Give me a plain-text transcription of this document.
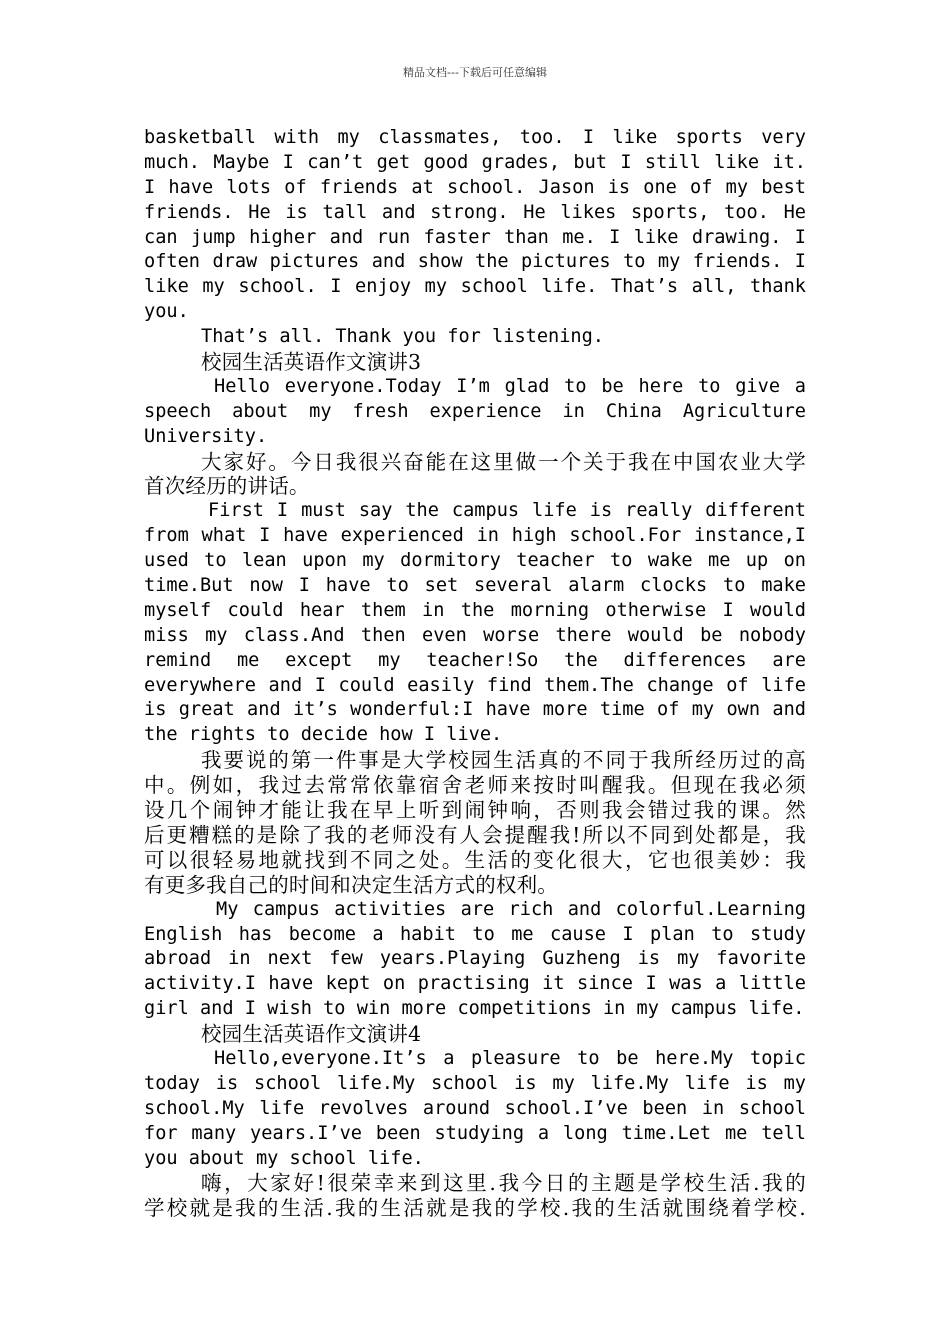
精品文档---下载后可任意编辑
basketball with my classmates, too. I like sports very
much. Maybe I can’t get good grades, but I still like it.
I have lots of friends at school. Jason is one of my best
friends. He is tall and strong. He likes sports, too. He
can jump higher and run faster than me. I like drawing. I
often draw pictures and show the pictures to my friends. I
like my school. I enjoy my school life. That’s all, thank
you.
That’s all. Thank you for listening.
校园生活英语作文演讲3
Hello everyone.Today I’m glad to be here to give a
speech about my fresh experience in China Agriculture
University.
大家好。今日我很兴奋能在这里做一个关于我在中国农业大学
首次经历的讲话。
First I must say the campus life is really different
from what I have experienced in high school.For instance,I
used to lean upon my dormitory teacher to wake me up on
time.But now I have to set several alarm clocks to make
myself could hear them in the morning otherwise I would
miss my class.And then even worse there would be nobody
remind me except my teacher!So the differences are
everywhere and I could easily find them.The change of life
is great and it’s wonderful:I have more time of my own and
the rights to decide how I live.
我要说的第一件事是大学校园生活真的不同于我所经历过的高
中。例如，我过去常常依靠宿舍老师来按时叫醒我。但现在我必须
设几个闹钟才能让我在早上听到闹钟响，否则我会错过我的课。然
后更糟糕的是除了我的老师没有人会提醒我!所以不同到处都是，我
可以很轻易地就找到不同之处。生活的变化很大，它也很美妙：我
有更多我自己的时间和决定生活方式的权利。
My campus activities are rich and colorful.Learning
English has become a habit to me cause I plan to study
abroad in next few years.Playing Guzheng is my favorite
activity.I have kept on practising it since I was a little
girl and I wish to win more competitions in my campus life.
校园生活英语作文演讲4
Hello,everyone.It’s a pleasure to be here.My topic
today is school life.My school is my life.My life is my
school.My life revolves around school.I’ve been in school
for many years.I’ve been studying a long time.Let me tell
you about my school life.
嗨，大家好!很荣幸来到这里.我今日的主题是学校生活.我的
学校就是我的生活.我的生活就是我的学校.我的生活就围绕着学校.
